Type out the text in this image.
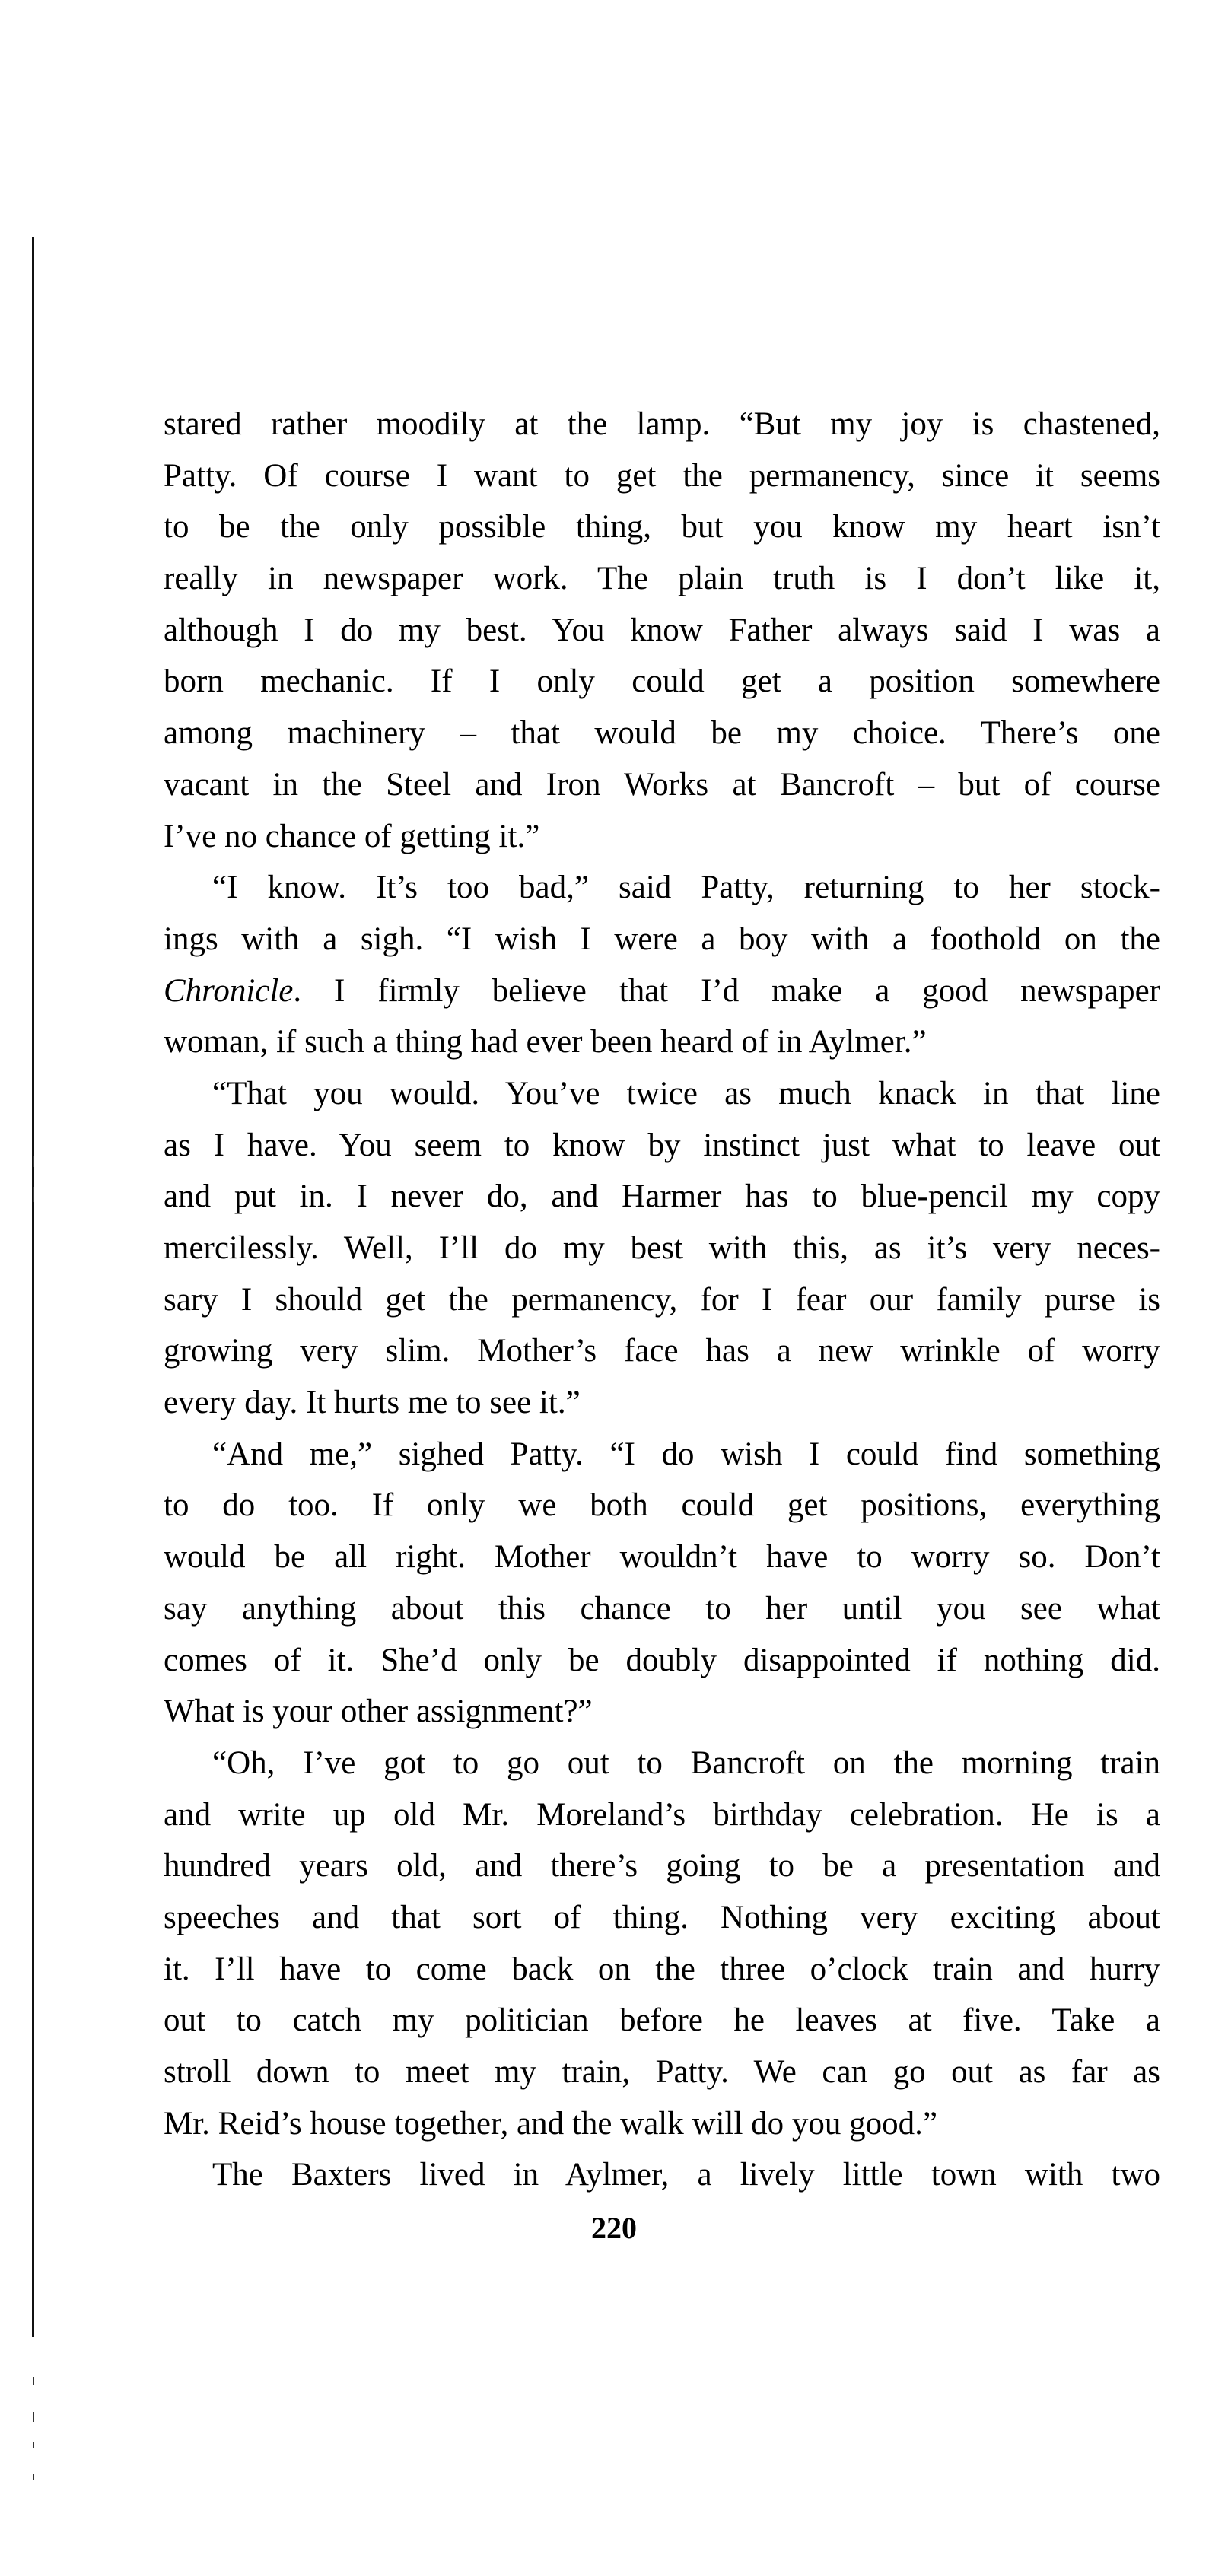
stared rather moodily at the lamp. “But my joy is chastened,
Patty. Of course I want to get the permanency, since it seems
to be the only possible thing, but you know my heart isn’t
really in newspaper work. The plain truth is I don’t like it,
although I do my best. You know Father always said I was a
born mechanic. If I only could get a position somewhere
among machinery – that would be my choice. There’s one
vacant in the Steel and Iron Works at Bancroft – but of course
I’ve no chance of getting it.”
“I know. It’s too bad,” said Patty, returning to her stock-
ings with a sigh. “I wish I were a boy with a foothold on the
Chronicle. I firmly believe that I’d make a good newspaper
woman, if such a thing had ever been heard of in Aylmer.”
“That you would. You’ve twice as much knack in that line
as I have. You seem to know by instinct just what to leave out
and put in. I never do, and Harmer has to blue-pencil my copy
mercilessly. Well, I’ll do my best with this, as it’s very neces-
sary I should get the permanency, for I fear our family purse is
growing very slim. Mother’s face has a new wrinkle of worry
every day. It hurts me to see it.”
“And me,” sighed Patty. “I do wish I could find something
to do too. If only we both could get positions, everything
would be all right. Mother wouldn’t have to worry so. Don’t
say anything about this chance to her until you see what
comes of it. She’d only be doubly disappointed if nothing did.
What is your other assignment?”
“Oh, I’ve got to go out to Bancroft on the morning train
and write up old Mr. Moreland’s birthday celebration. He is a
hundred years old, and there’s going to be a presentation and
speeches and that sort of thing. Nothing very exciting about
it. I’ll have to come back on the three o’clock train and hurry
out to catch my politician before he leaves at five. Take a
stroll down to meet my train, Patty. We can go out as far as
Mr. Reid’s house together, and the walk will do you good.”
The Baxters lived in Aylmer, a lively little town with two
220
